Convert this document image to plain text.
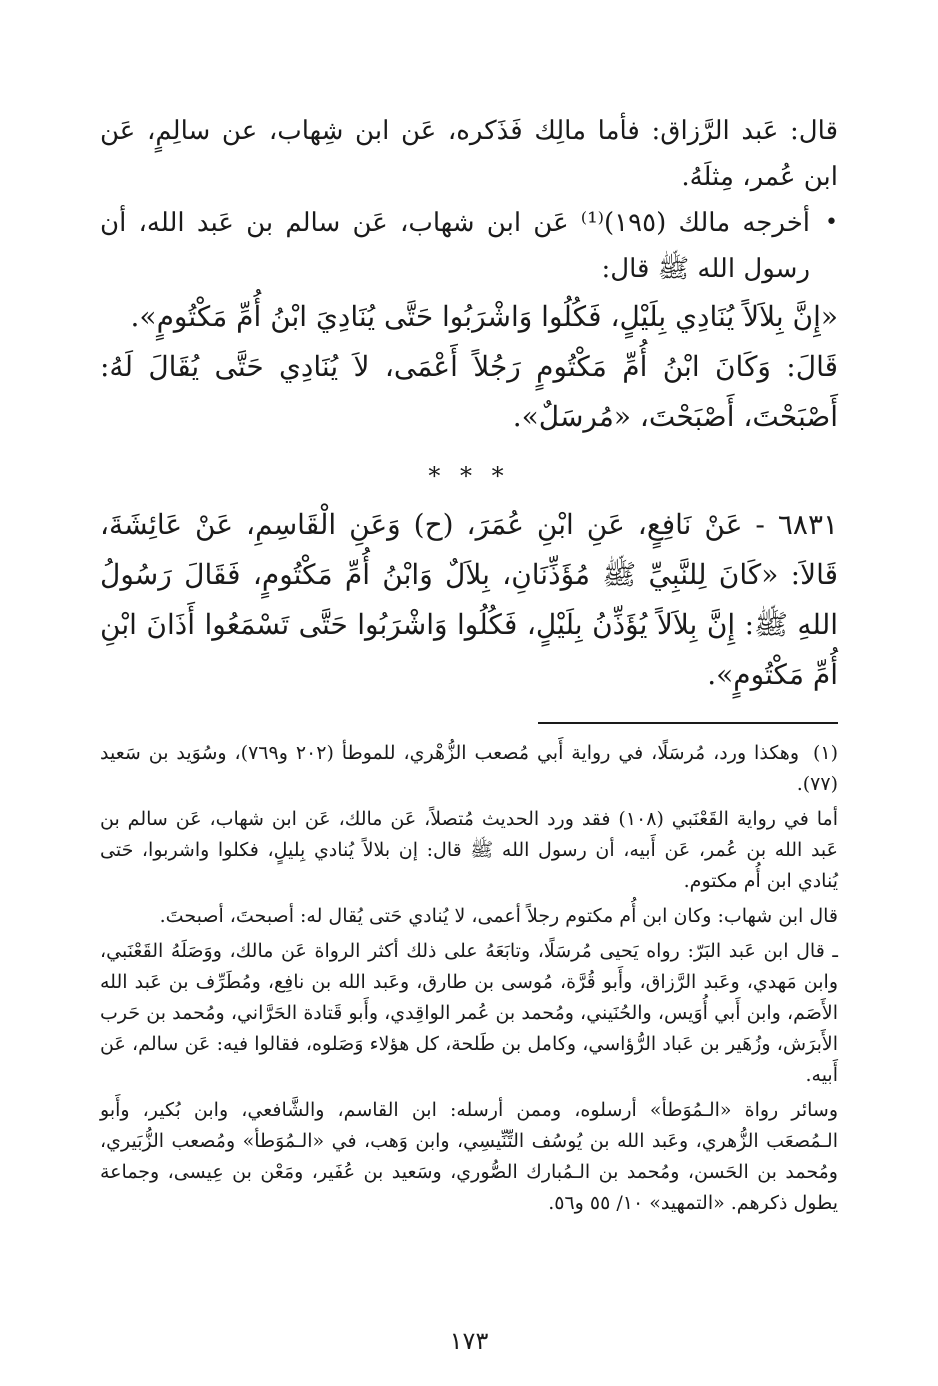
قال: عَبد الرَّزاق: فأما مالِك فَذَكره، عَن ابن شِهاب، عن سالِمٍ، عَن ابن عُمر، مِثلَهُ.

•
أخرجه مالك (١٩٥)⁽¹⁾ عَن ابن شهاب، عَن سالم بن عَبد الله، أن رسول الله ﷺ قال:

«إِنَّ بِلاَلاً يُنَادِي بِلَيْلٍ، فَكُلُوا وَاشْرَبُوا حَتَّى يُنَادِيَ ابْنُ أُمِّ مَكْتُومٍ».

قَالَ: وَكَانَ ابْنُ أُمِّ مَكْتُومٍ رَجُلاً أَعْمَى، لاَ يُنَادِي حَتَّى يُقَالَ لَهُ: أَصْبَحْتَ، أَصْبَحْتَ، «مُرسَلٌ».

* * *

٦٨٣١ - عَنْ نَافِعٍ، عَنِ ابْنِ عُمَرَ، (ح) وَعَنِ الْقَاسِمِ، عَنْ عَائِشَةَ، قَالاَ: «كَانَ لِلنَّبِيِّ ﷺ مُؤَذِّنَانِ، بِلاَلٌ وَابْنُ أُمِّ مَكْتُومٍ، فَقَالَ رَسُولُ اللهِ ﷺ: إِنَّ بِلاَلاً يُؤَذِّنُ بِلَيْلٍ، فَكُلُوا وَاشْرَبُوا حَتَّى تَسْمَعُوا أَذَانَ ابْنِ أُمِّ مَكْتُومٍ».

(١) وهكذا ورد، مُرسَلًا، في رواية أَبي مُصعب الزُّهْري، للموطأ (٢٠٢ و٧٦٩)، وسُوَيد بن سَعيد (٧٧).

أما في رواية القَعْنَبي (١٠٨) فقد ورد الحديث مُتصلاً، عَن مالك، عَن ابن شهاب، عَن سالم بن عَبد الله بن عُمر، عَن أَبيه، أن رسول الله ﷺ قال: إن بلالاً يُنادي بِليلٍ، فكلوا واشربوا، حَتى يُنادي ابن أُم مكتوم.

قال ابن شهاب: وكان ابن أُم مكتوم رجلاً أعمى، لا يُنادي حَتى يُقال له: أصبحتَ، أصبحتَ.

ـ قال ابن عَبد البَرّ: رواه يَحيى مُرسَلًا، وتابَعَهُ على ذلك أكثر الرواة عَن مالك، ووَصَلَهُ القَعْنَبي، وابن مَهدي، وعَبد الرَّزاق، وأَبو قُرَّة، مُوسى بن طارق، وعَبد الله بن نافِع، ومُطَرِّف بن عَبد الله الأَصَم، وابن أَبي أُوَيس، والحُنَيني، ومُحمد بن عُمر الواقِدي، وأَبو قَتادة الحَرَّاني، ومُحمد بن حَرب الأَبرَش، وزُهَير بن عَباد الرُّؤاسي، وكامل بن طَلحة، كل هؤلاء وَصَلوه، فقالوا فيه: عَن سالم، عَن أَبيه.

وسائر رواة «الـمُوَطأ» أرسلوه، وممن أرسله: ابن القاسم، والشَّافعي، وابن بُكير، وأَبو الـمُصعَب الزُّهري، وعَبد الله بن يُوسُف التِّنِّيسِي، وابن وَهب، في «الـمُوَطأ» ومُصعب الزُّبَيري، ومُحمد بن الحَسن، ومُحمد بن الـمُبارك الصُّوري، وسَعيد بن عُفَير، ومَعْن بن عِيسى، وجماعة يطول ذكرهم. «التمهيد» ١٠/ ٥٥ و٥٦.

١٧٣
